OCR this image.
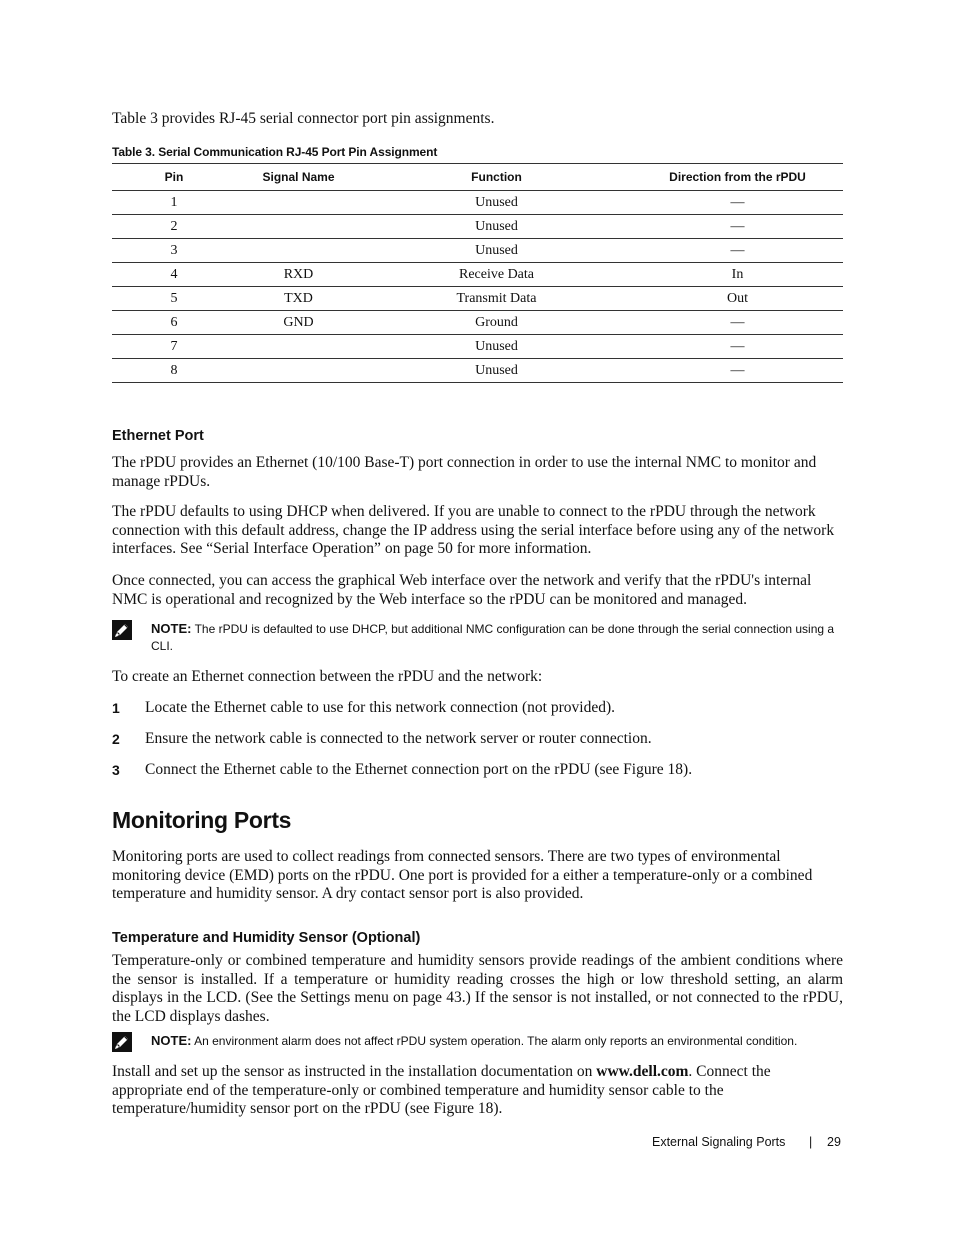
Table 3 provides RJ-45 serial connector port pin assignments.

Table 3. Serial Communication RJ-45 Port Pin Assignment
Pin	Signal Name	Function	Direction from the rPDU
1		Unused	—
2		Unused	—
3		Unused	—
4	RXD	Receive Data	In
5	TXD	Transmit Data	Out
6	GND	Ground	—
7		Unused	—
8		Unused	—
Ethernet Port

The rPDU provides an Ethernet (10/100 Base-T) port connection in order to use the internal NMC to monitor and manage rPDUs.

The rPDU defaults to using DHCP when delivered. If you are unable to connect to the rPDU through the network connection with this default address, change the IP address using the serial interface before using any of the network interfaces. See “Serial Interface Operation” on page 50 for more information.

Once connected, you can access the graphical Web interface over the network and verify that the rPDU's internal NMC is operational and recognized by the Web interface so the rPDU can be monitored and managed.

NOTE: The rPDU is defaulted to use DHCP, but additional NMC configuration can be done through the serial connection using a CLI.

To create an Ethernet connection between the rPDU and the network:

1 Locate the Ethernet cable to use for this network connection (not provided).
2 Ensure the network cable is connected to the network server or router connection.
3 Connect the Ethernet cable to the Ethernet connection port on the rPDU (see Figure 18).
Monitoring Ports

Monitoring ports are used to collect readings from connected sensors. There are two types of environmental monitoring device (EMD) ports on the rPDU. One port is provided for a either a temperature-only or a combined temperature and humidity sensor. A dry contact sensor port is also provided.

Temperature and Humidity Sensor (Optional)

Temperature-only or combined temperature and humidity sensors provide readings of the ambient conditions where the sensor is installed. If a temperature or humidity reading crosses the high or low threshold setting, an alarm displays in the LCD. (See the Settings menu on page 43.) If the sensor is not installed, or not connected to the rPDU, the LCD displays dashes.

NOTE: An environment alarm does not affect rPDU system operation. The alarm only reports an environmental condition.

Install and set up the sensor as instructed in the installation documentation on www.dell.com. Connect the appropriate end of the temperature-only or combined temperature and humidity sensor cable to the temperature/humidity sensor port on the rPDU (see Figure 18).

External Signaling Ports | 29
